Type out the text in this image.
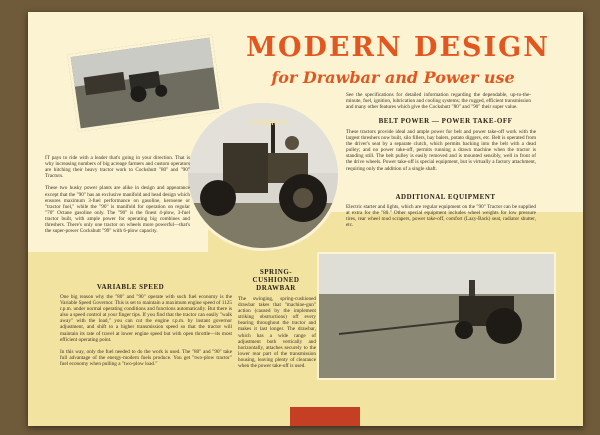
COCKSHUTT
MODERN DESIGN
for Drawbar and Power use
See the specifications for detailed information regarding the dependable, up-to-the-minute, fuel, ignition, lubrication and cooling systems; the rugged, efficient transmission and many other features which give the Cockshutt "80" and "90" their super value.
BELT POWER — POWER TAKE-OFF
These tractors provide ideal and ample power for belt and power take-off work with the largest threshers now built, silo fillers, hay balers, potato diggers, etc. Belt is operated from the driver's seat by a separate clutch, which permits backing into the belt with a dead pulley; and no power take-off, permits running a drawn machine when the tractor is standing still. The belt pulley is easily removed and is mounted sensibly, well in front of the drive wheels. Power take-off is special equipment, but is virtually a factory attachment, requiring only the addition of a single shaft.
ADDITIONAL EQUIPMENT
Electric starter and lights, which are regular equipment on the "90" Tractor can be supplied at extra for the "80." Other special equipment includes wheel weights for low pressure tires, rear wheel mud scrapers, power take-off, comfort (Lazy-Back) seat, radiator shutter, etc.
IT pays to ride with a leader that's going in your direction. That is why increasing numbers of big acreage farmers and custom operators are hitching their heavy tractor work to Cockshutt "80" and "90" Tractors.

These two husky power plants are alike in design and appearance except that the "90" has an exclusive manifold and head design which ensures maximum 3-fuel performance on gasoline, kerosene or "tractor fuel," while the "90" is manifold for operation on regular "70" Octane gasoline only. The "90" is the finest 4-plow, 3-fuel tractor built, with ample power for operating big combines and threshers. There's only one tractor on wheels more powerful—that's the super-power Cockshutt "99" with 6-plow capacity.
VARIABLE SPEED
One big reason why the "80" and "90" operate with such fuel economy is the Variable Speed Governor. This is set to maintain a maximum engine speed of 1125 r.p.m. under normal operating conditions and functions automatically. But there is also a speed control at your finger tips. If you find that the tractor can easily "walk away" with the load," you can cut the engine r.p.m. by instant governor adjustment, and shift to a higher transmission speed so that the tractor will maintain its rate of travel at lower engine speed but with open throttle—its most efficient operating point.

In this way, only the fuel needed to do the work is used. The "80" and "90" take full advantage of the energy-modern fuels produce. You get "two-plow tractor" fuel economy when pulling a "two-plow load."
SPRING-
CUSHIONED
DRAWBAR
The swinging, spring-cushioned drawbar takes that "machine-gun" action (caused by the implement striking obstructions) off every bearing throughout the tractor and makes it last longer. The drawbar, which has a wide range of adjustment both vertically and horizontally, attaches securely to the lower rear part of the transmission housing, leaving plenty of clearance when the power take-off is used.
